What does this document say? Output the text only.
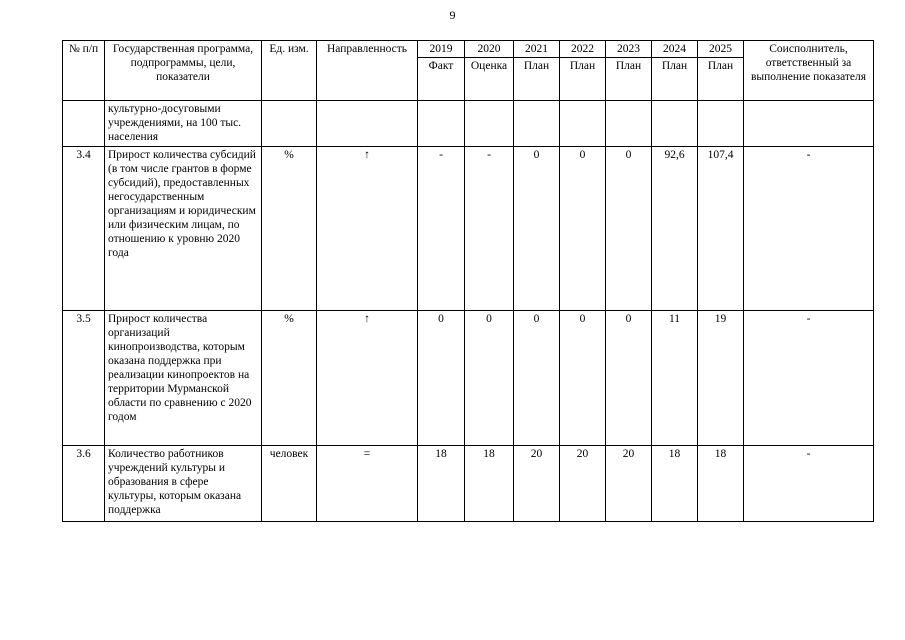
9
№ п/п	Государственная программа, подпрограммы, цели, показатели	Ед. изм.	Направленность	2019	2020	2021	2022	2023	2024	2025	Соисполнитель, ответственный за выполнение показателя
				Факт	Оценка	План	План	План	План	План	
	культурно-досуговыми учреждениями, на 100 тыс. населения										
3.4	Прирост количества субсидий (в том числе грантов в форме субсидий), предоставленных негосударственным организациям и юридическим или физическим лицам, по отношению к уровню 2020 года	%	↑	-	-	0	0	0	92,6	107,4	-
3.5	Прирост количества организаций кинопроизводства, которым оказана поддержка при реализации кинопроектов на территории Мурманской области по сравнению с 2020 годом	%	↑	0	0	0	0	0	11	19	-
3.6	Количество работников учреждений культуры и образования в сфере культуры, которым оказана поддержка	человек	=	18	18	20	20	20	18	18	-
